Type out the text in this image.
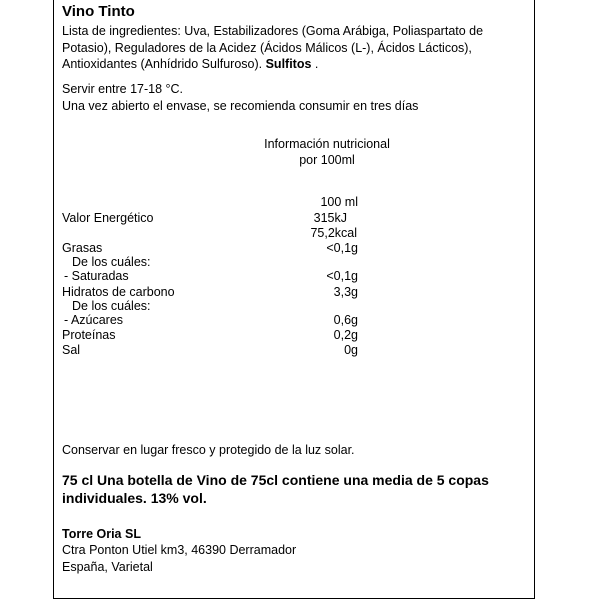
Vino Tinto
Lista de ingredientes: Uva, Estabilizadores (Goma Arábiga, Poliaspartato de Potasio), Reguladores de la Acidez (Ácidos Málicos (L-), Ácidos Lácticos), Antioxidantes (Anhídrido Sulfuroso). Sulfitos .
Servir entre 17-18 °C.
Una vez abierto el envase, se recomienda consumir en tres días
Información nutricional
por 100ml
100 ml
Valor Energético	315kJ
75,2kcal
Grasas	<0,1g
De los cuáles:
- Saturadas	<0,1g
Hidratos de carbono	3,3g
De los cuáles:
- Azúcares	0,6g
Proteínas	0,2g
Sal	0g
Conservar en lugar fresco y protegido de la luz solar.
75 cl Una botella de Vino de 75cl contiene una media de 5 copas
individuales. 13% vol.
Torre Oria SL
Ctra Ponton Utiel km3, 46390 Derramador
España, Varietal
